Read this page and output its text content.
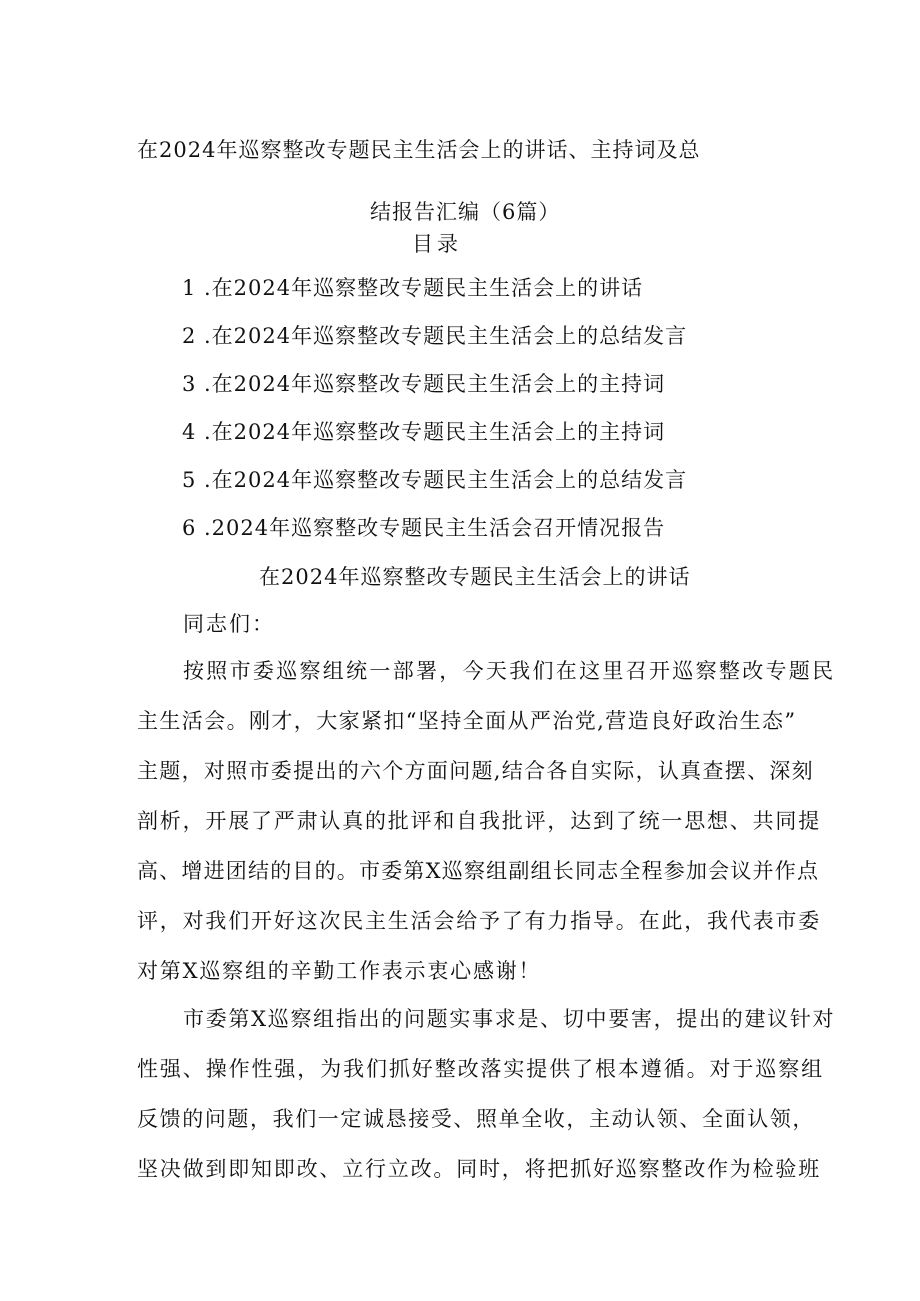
在2024年巡察整改专题民主生活会上的讲话、主持词及总
结报告汇编（6篇）
目录
1 .在2024年巡察整改专题民主生活会上的讲话
2 .在2024年巡察整改专题民主生活会上的总结发言
3 .在2024年巡察整改专题民主生活会上的主持词
4 .在2024年巡察整改专题民主生活会上的主持词
5 .在2024年巡察整改专题民主生活会上的总结发言
6 .2024年巡察整改专题民主生活会召开情况报告
在2024年巡察整改专题民主生活会上的讲话
同志们：
按照市委巡察组统一部署，今天我们在这里召开巡察整改专题民
主生活会。刚才，大家紧扣“坚持全面从严治党,营造良好政治生态”
主题，对照市委提出的六个方面问题,结合各自实际，认真查摆、深刻
剖析，开展了严肃认真的批评和自我批评，达到了统一思想、共同提
高、增进团结的目的。市委第X巡察组副组长同志全程参加会议并作点
评，对我们开好这次民主生活会给予了有力指导。在此，我代表市委
对第X巡察组的辛勤工作表示衷心感谢！
市委第X巡察组指出的问题实事求是、切中要害，提出的建议针对
性强、操作性强，为我们抓好整改落实提供了根本遵循。对于巡察组
反馈的问题，我们一定诚恳接受、照单全收，主动认领、全面认领，
坚决做到即知即改、立行立改。同时，将把抓好巡察整改作为检验班
